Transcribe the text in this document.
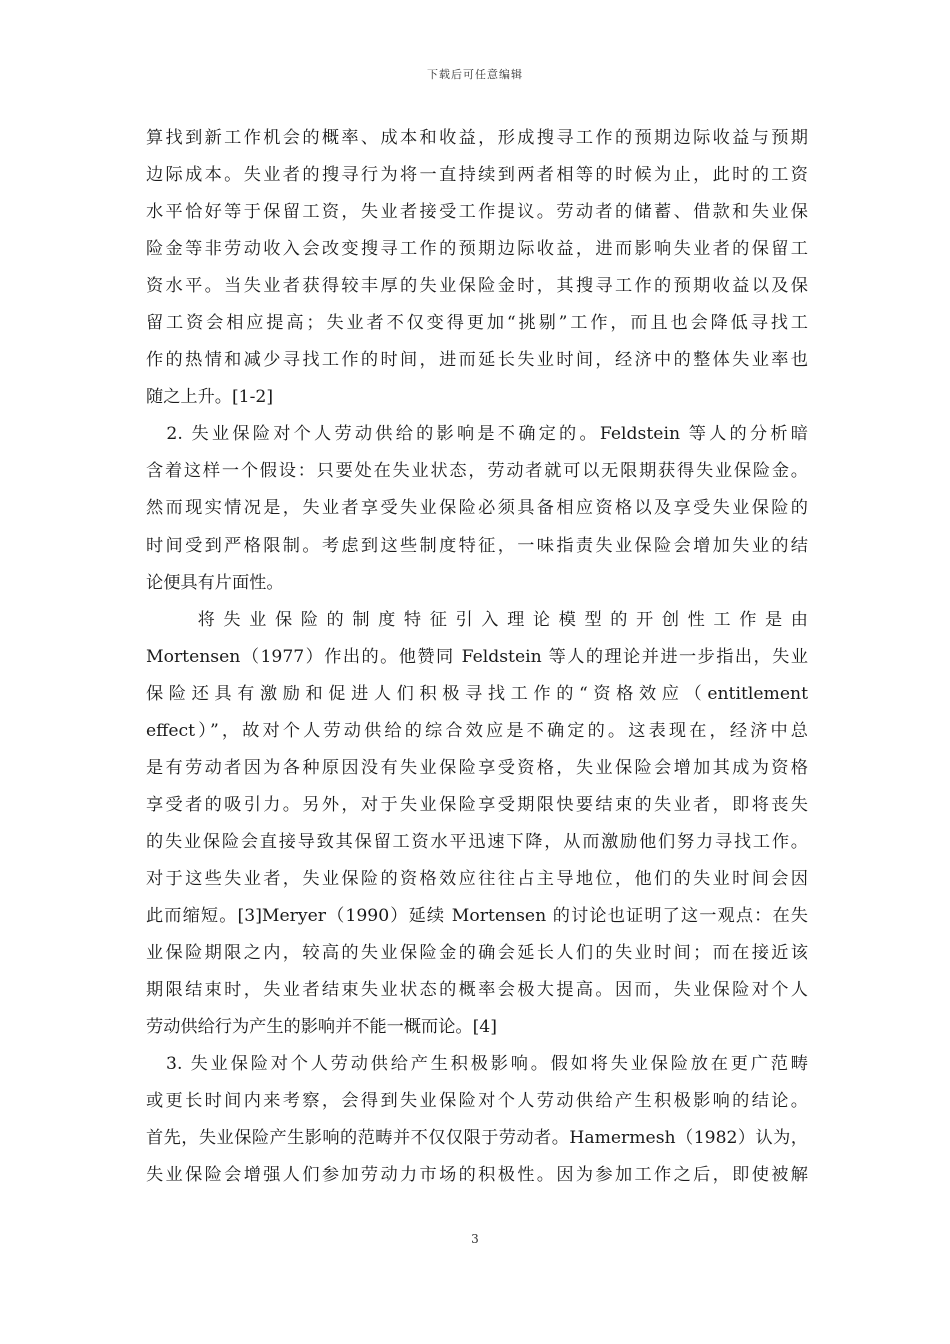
下载后可任意编辑
算找到新工作机会的概率、成本和收益，形成搜寻工作的预期边际收益与预期
边际成本。失业者的搜寻行为将一直持续到两者相等的时候为止，此时的工资
水平恰好等于保留工资，失业者接受工作提议。劳动者的储蓄、借款和失业保
险金等非劳动收入会改变搜寻工作的预期边际收益，进而影响失业者的保留工
资水平。当失业者获得较丰厚的失业保险金时，其搜寻工作的预期收益以及保
留工资会相应提高；失业者不仅变得更加“挑剔”工作，而且也会降低寻找工
作的热情和减少寻找工作的时间，进而延长失业时间，经济中的整体失业率也
随之上升。[1-2]
　2. 失业保险对个人劳动供给的影响是不确定的。Feldstein 等人的分析暗
含着这样一个假设：只要处在失业状态，劳动者就可以无限期获得失业保险金。
然而现实情况是，失业者享受失业保险必须具备相应资格以及享受失业保险的
时间受到严格限制。考虑到这些制度特征，一味指责失业保险会增加失业的结
论便具有片面性。
　　将失业保险的制度特征引入理论模型的开创性工作是由
Mortensen（1977）作出的。他赞同 Feldstein 等人的理论并进一步指出，失业
保险还具有激励和促进人们积极寻找工作的“资格效应（entitlement
effect）”，故对个人劳动供给的综合效应是不确定的。这表现在，经济中总
是有劳动者因为各种原因没有失业保险享受资格，失业保险会增加其成为资格
享受者的吸引力。另外，对于失业保险享受期限快要结束的失业者，即将丧失
的失业保险会直接导致其保留工资水平迅速下降，从而激励他们努力寻找工作。
对于这些失业者，失业保险的资格效应往往占主导地位，他们的失业时间会因
此而缩短。[3]Meryer（1990）延续 Mortensen 的讨论也证明了这一观点：在失
业保险期限之内，较高的失业保险金的确会延长人们的失业时间；而在接近该
期限结束时，失业者结束失业状态的概率会极大提高。因而，失业保险对个人
劳动供给行为产生的影响并不能一概而论。[4]
　3. 失业保险对个人劳动供给产生积极影响。假如将失业保险放在更广范畴
或更长时间内来考察，会得到失业保险对个人劳动供给产生积极影响的结论。
首先，失业保险产生影响的范畴并不仅仅限于劳动者。Hamermesh（1982）认为，
失业保险会增强人们参加劳动力市场的积极性。因为参加工作之后，即使被解
3
